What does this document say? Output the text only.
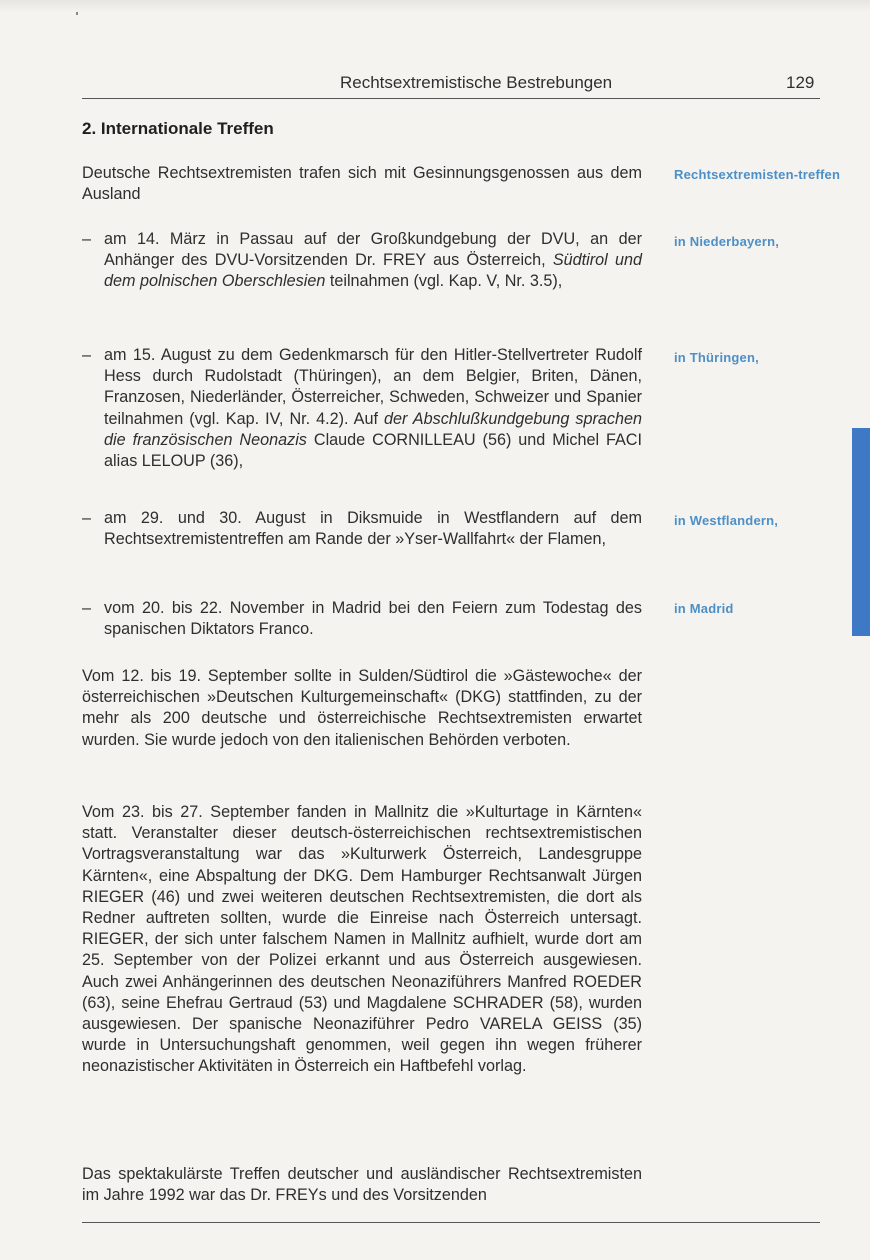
Rechtsextremistische Bestrebungen	129
2. Internationale Treffen

Deutsche Rechtsextremisten trafen sich mit Gesinnungsgenossen aus dem Ausland

– am 14. März in Passau auf der Großkundgebung der DVU, an der Anhänger des DVU-Vorsitzenden Dr. FREY aus Österreich, Südtirol und dem polnischen Oberschlesien teilnahmen (vgl. Kap. V, Nr. 3.5),
– am 15. August zu dem Gedenkmarsch für den Hitler-Stellvertreter Rudolf Hess durch Rudolstadt (Thüringen), an dem Belgier, Briten, Dänen, Franzosen, Niederländer, Österreicher, Schweden, Schweizer und Spanier teilnahmen (vgl. Kap. IV, Nr. 4.2). Auf der Abschlußkundgebung sprachen die französischen Neonazis Claude CORNILLEAU (56) und Michel FACI alias LELOUP (36),
– am 29. und 30. August in Diksmuide in Westflandern auf dem Rechtsextremistentreffen am Rande der »Yser-Wallfahrt« der Flamen,
– vom 20. bis 22. November in Madrid bei den Feiern zum Todestag des spanischen Diktators Franco.

Vom 12. bis 19. September sollte in Sulden/Südtirol die »Gästewoche« der österreichischen »Deutschen Kulturgemeinschaft« (DKG) stattfinden, zu der mehr als 200 deutsche und österreichische Rechtsextremisten erwartet wurden. Sie wurde jedoch von den italienischen Behörden verboten.

Vom 23. bis 27. September fanden in Mallnitz die »Kulturtage in Kärnten« statt. Veranstalter dieser deutsch-österreichischen rechtsextremistischen Vortragsveranstaltung war das »Kulturwerk Österreich, Landesgruppe Kärnten«, eine Abspaltung der DKG. Dem Hamburger Rechtsanwalt Jürgen RIEGER (46) und zwei weiteren deutschen Rechtsextremisten, die dort als Redner auftreten sollten, wurde die Einreise nach Österreich untersagt. RIEGER, der sich unter falschem Namen in Mallnitz aufhielt, wurde dort am 25. September von der Polizei erkannt und aus Österreich ausgewiesen. Auch zwei Anhängerinnen des deutschen Neonaziführers Manfred ROEDER (63), seine Ehefrau Gertraud (53) und Magdalene SCHRADER (58), wurden ausgewiesen. Der spanische Neonaziführer Pedro VARELA GEISS (35) wurde in Untersuchungshaft genommen, weil gegen ihn wegen früherer neonazistischer Aktivitäten in Österreich ein Haftbefehl vorlag.

Das spektakulärste Treffen deutscher und ausländischer Rechtsextremisten im Jahre 1992 war das Dr. FREYs und des Vorsitzenden

Rechtsextremisten-treffen
in Niederbayern,
in Thüringen,
in Westflandern,
in Madrid
